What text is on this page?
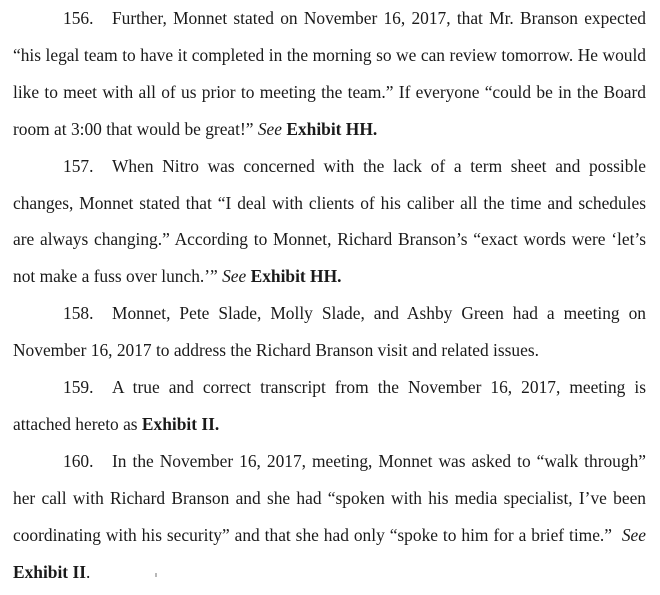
156. Further, Monnet stated on November 16, 2017, that Mr. Branson expected “his legal team to have it completed in the morning so we can review tomorrow. He would like to meet with all of us prior to meeting the team.” If everyone “could be in the Board room at 3:00 that would be great!” See Exhibit HH.

157. When Nitro was concerned with the lack of a term sheet and possible changes, Monnet stated that “I deal with clients of his caliber all the time and schedules are always changing.” According to Monnet, Richard Branson’s “exact words were ‘let’s not make a fuss over lunch.’” See Exhibit HH.

158. Monnet, Pete Slade, Molly Slade, and Ashby Green had a meeting on November 16, 2017 to address the Richard Branson visit and related issues.

159. A true and correct transcript from the November 16, 2017, meeting is attached hereto as Exhibit II.

160. In the November 16, 2017, meeting, Monnet was asked to “walk through” her call with Richard Branson and she had “spoken with his media specialist, I’ve been coordinating with his security” and that she had only “spoke to him for a brief time.”  See Exhibit II.
